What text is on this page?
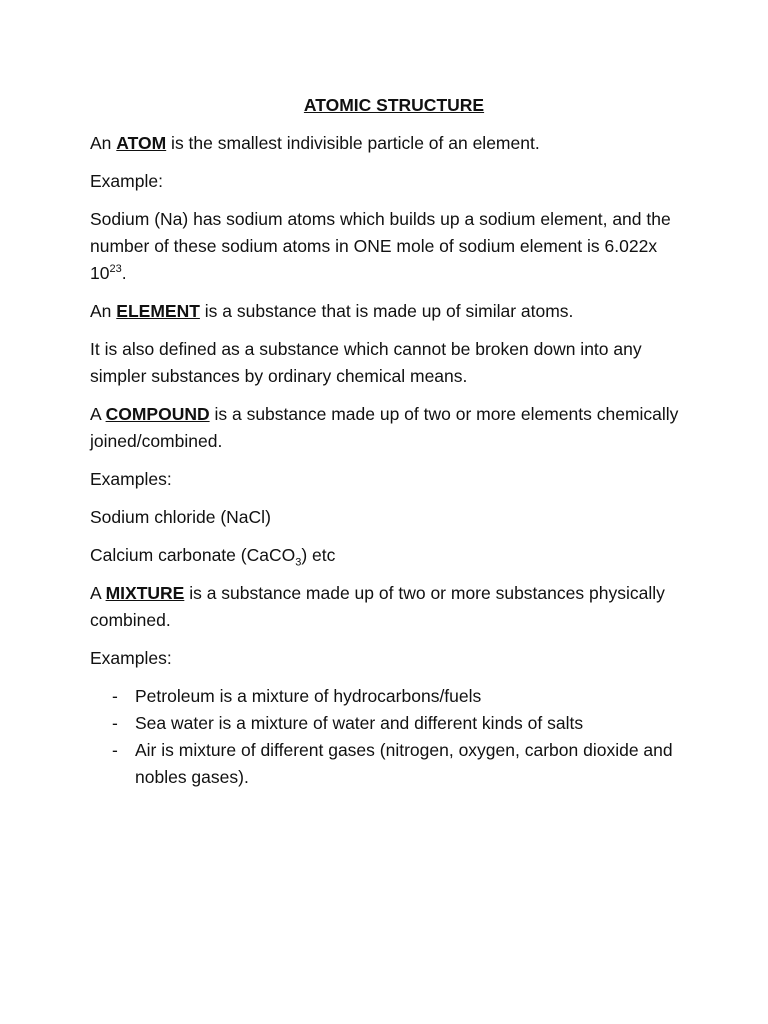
ATOMIC STRUCTURE

An ATOM is the smallest indivisible particle of an element.

Example:

Sodium (Na) has sodium atoms which builds up a sodium element, and the number of these sodium atoms in ONE mole of sodium element is 6.022x $10^{23}$.

An ELEMENT is a substance that is made up of similar atoms.

It is also defined as a substance which cannot be broken down into any simpler substances by ordinary chemical means.

A COMPOUND is a substance made up of two or more elements chemically joined/combined.

Examples:

Sodium chloride (NaCl)

Calcium carbonate (CaCO$_3$) etc

A MIXTURE is a substance made up of two or more substances physically combined.

Examples:

- Petroleum is a mixture of hydrocarbons/fuels
- Sea water is a mixture of water and different kinds of salts
- Air is mixture of different gases (nitrogen, oxygen, carbon dioxide and nobles gases).
